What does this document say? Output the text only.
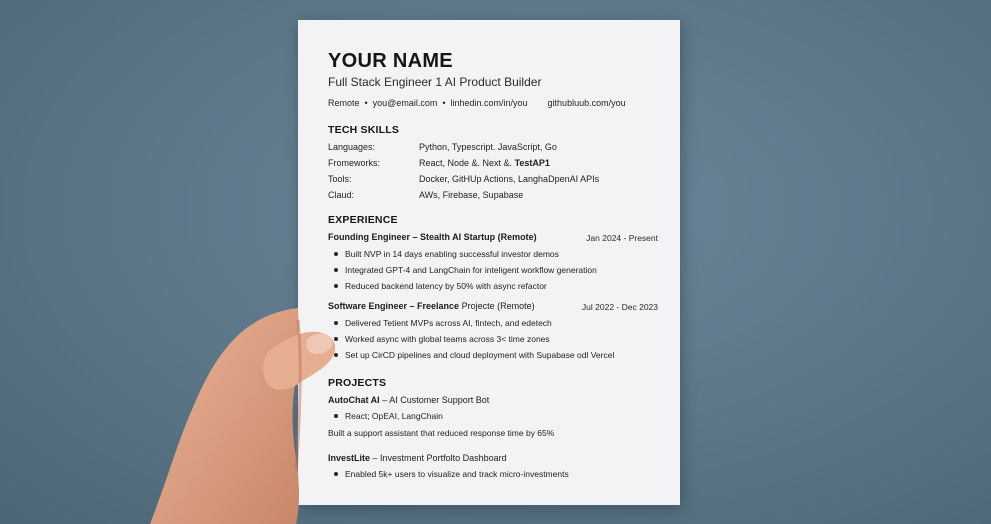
YOUR NAME
Full Stack Engineer 1 AI Product Builder
Remote • you@email.com • linhedin.com/in/you githubluub.com/you
TECH SKILLS
Languages:	Python, Typescript. JavaScript, Go
Fromeworks:	React, Node &. Next &. TestAP1
Tools:	Docker, GitHUp Actions, LanghaDpenAI APIs
Claud:	AWs, Firebase, Supabase
EXPERIENCE
Founding Engineer – Stealth AI Startup (Remote)	Jan 2024 - Present
Built NVP in 14 days enabling successful investor demos
Integrated GPT-4 and LangChain for inteligent workflow generation
Reduced backend latency by 50% with async refactor
Software Engineer – Freelance Projecte (Remote)	Jul 2022 - Dec 2023
Delivered Tetient MVPs across AI, fintech, and edetech
Worked async with global teams across 3< time zones
Set up CirCD pipelines and cloud deployment with Supabase odl Vercel
PROJECTS
AutoChat AI – AI Customer Support Bot
React; OpEAI, LangChain
Built a support assistant that reduced response time by 65%
InvestLite – Investment Portfolto Dashboard
Enabled 5k+ users to visualize and track micro-investments
